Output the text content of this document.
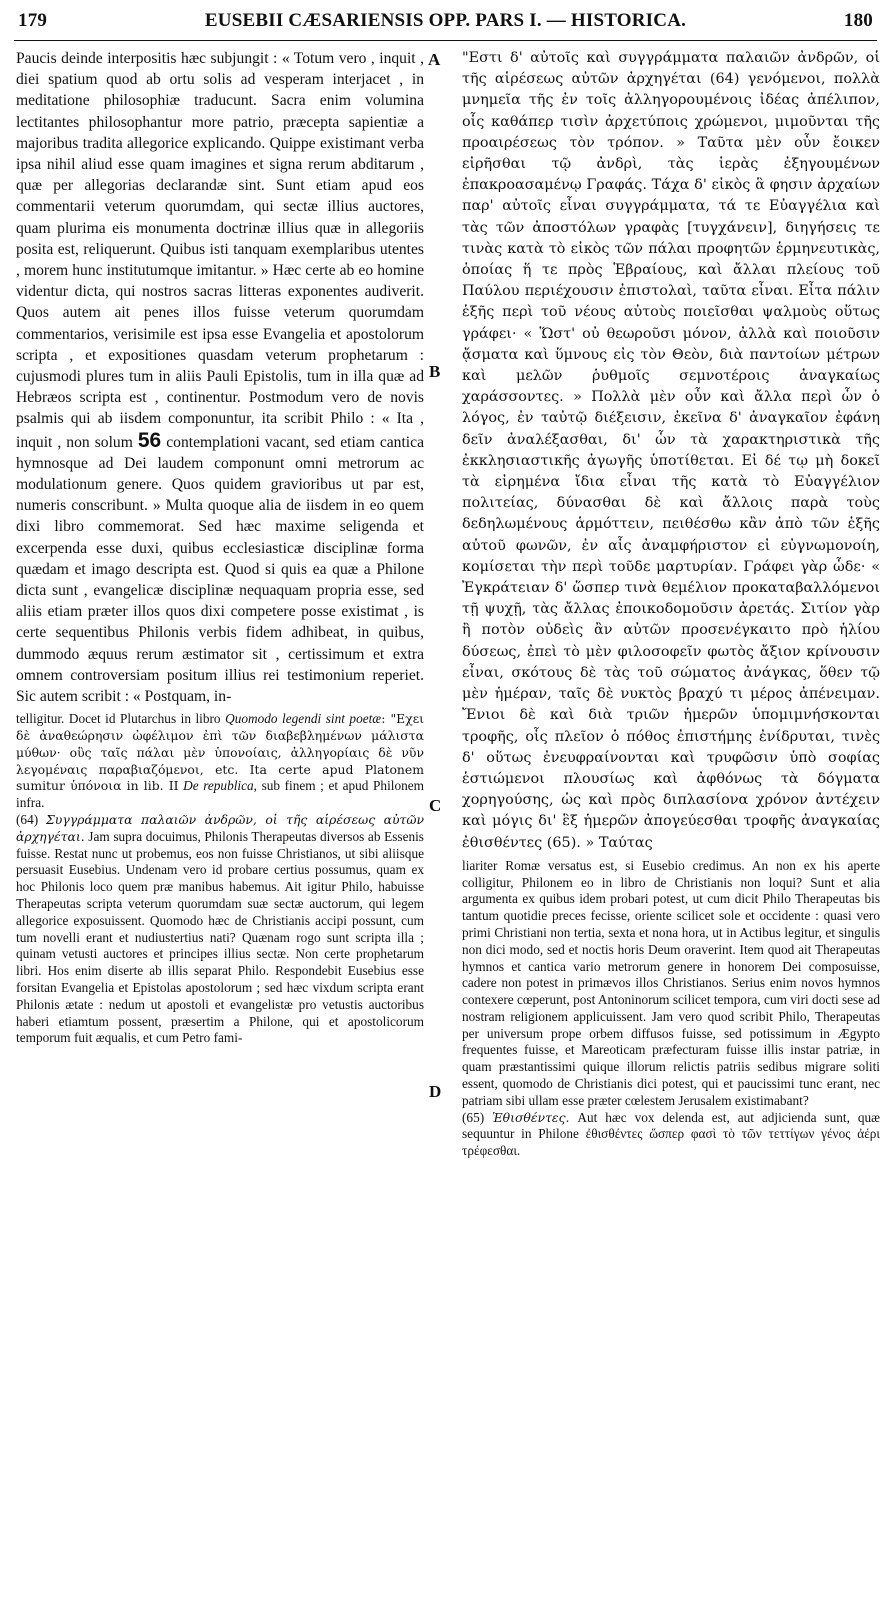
179	EUSEBII CÆSARIENSIS OPP. PARS I. — HISTORICA.	180
A
B
C
D

Paucis deinde interpositis hæc subjungit : « Totum vero , inquit , diei spatium quod ab ortu solis ad vesperam interjacet , in meditatione philosophiæ traducunt. Sacra enim volumina lectitantes philosophantur more patrio, præcepta sapientiæ a majoribus tradita allegorice explicando. Quippe existimant verba ipsa nihil aliud esse quam imagines et signa rerum abditarum , quæ per allegorias declarandæ sint. Sunt etiam apud eos commentarii veterum quorumdam, qui sectæ illius auctores, quam plurima eis monumenta doctrinæ illius quæ in allegoriis posita est, reliquerunt. Quibus isti tanquam exemplaribus utentes , morem hunc institutumque imitantur. » Hæc certe ab eo homine videntur dicta, qui nostros sacras litteras exponentes audiverit. Quos autem ait penes illos fuisse veterum quorumdam commentarios, verisimile est ipsa esse Evangelia et apostolorum scripta , et expositiones quasdam veterum prophetarum : cujusmodi plures tum in aliis Pauli Epistolis, tum in illa quæ ad Hebræos scripta est , continentur. Postmodum vero de novis psalmis qui ab iisdem componuntur, ita scribit Philo : « Ita , inquit , non solum 56 contemplationi vacant, sed etiam cantica hymnosque ad Dei laudem componunt omni metrorum ac modulationum genere. Quos quidem gravioribus ut par est, numeris conscribunt. » Multa quoque alia de iisdem in eo quem dixi libro commemorat. Sed hæc maxime seligenda et excerpenda esse duxi, quibus ecclesiasticæ disciplinæ forma quædam et imago descripta est. Quod si quis ea quæ a Philone dicta sunt , evangelicæ disciplinæ nequaquam propria esse, sed aliis etiam præter illos quos dixi competere posse existimat , is certe sequentibus Philonis verbis fidem adhibeat, in quibus, dummodo æquus rerum æstimator sit , certissimum et extra omnem controversiam positum illius rei testimonium reperiet. Sic autem scribit : « Postquam, in-

telligitur. Docet id Plutarchus in libro Quomodo legendi sint poetæ: "Εχει δὲ ἀναθεώρησιν ὠφέλιμον ἐπὶ τῶν διαβεβλημένων μάλιστα μύθων· οὓς ταῖς πάλαι μὲν ὑπονοίαις, ἀλληγορίαις δὲ νῦν λεγομέναις παραβιαζόμενοι, etc. Ita certe apud Platonem sumitur ὑπόνοια in lib. II De republica, sub finem ; et apud Philonem infra.

(64) Συγγράμματα παλαιῶν ἀνδρῶν, οἱ τῆς αἱρέσεως αὐτῶν ἀρχηγέται. Jam supra docuimus, Philonis Therapeutas diversos ab Essenis fuisse. Restat nunc ut probemus, eos non fuisse Christianos, ut sibi aliisque persuasit Eusebius. Undenam vero id probare certius possumus, quam ex hoc Philonis loco quem præ manibus habemus. Ait igitur Philo, habuisse Therapeutas scripta veterum quorumdam suæ sectæ auctorum, qui legem allegorice exposuissent. Quomodo hæc de Christianis accipi possunt, cum tum novelli erant et nudiustertius nati? Quænam rogo sunt scripta illa ; quinam vetusti auctores et principes illius sectæ. Non certe prophetarum libri. Hos enim diserte ab illis separat Philo. Respondebit Eusebius esse forsitan Evangelia et Epistolas apostolorum ; sed hæc vixdum scripta erant Philonis ætate : nedum ut apostoli et evangelistæ pro vetustis auctoribus haberi etiamtum possent, præsertim a Philone, qui et apostolicorum temporum fuit æqualis, et cum Petro fami-

"Εστι δ' αὐτοῖς καὶ συγγράμματα παλαιῶν ἀνδρῶν, οἱ τῆς αἱρέσεως αὐτῶν ἀρχηγέται (64) γενόμενοι, πολλὰ μνημεῖα τῆς ἐν τοῖς ἀλληγορουμένοις ἰδέας ἀπέλιπον, οἷς καθάπερ τισὶν ἀρχετύποις χρώμενοι, μιμοῦνται τῆς προαιρέσεως τὸν τρόπον. » Ταῦτα μὲν οὖν ἔοικεν εἰρῆσθαι τῷ ἀνδρὶ, τὰς ἱερὰς ἐξηγουμένων ἐπακροασαμένῳ Γραφάς. Τάχα δ' εἰκὸς ἃ φησιν ἀρχαίων παρ' αὐτοῖς εἶναι συγγράμματα, τά τε Εὐαγγέλια καὶ τὰς τῶν ἀποστόλων γραφὰς [τυγχάνειν], διηγήσεις τε τινὰς κατὰ τὸ εἰκὸς τῶν πάλαι προφητῶν ἑρμηνευτικὰς, ὁποίας ἥ τε πρὸς Ἑβραίους, καὶ ἄλλαι πλείους τοῦ Παύλου περιέχουσιν ἐπιστολαὶ, ταῦτα εἶναι. Εἶτα πάλιν ἑξῆς περὶ τοῦ νέους αὐτοὺς ποιεῖσθαι ψαλμοὺς οὕτως γράφει· « Ὥστ' οὐ θεωροῦσι μόνον, ἀλλὰ καὶ ποιοῦσιν ᾄσματα καὶ ὕμνους εἰς τὸν Θεὸν, διὰ παντοίων μέτρων καὶ μελῶν ῥυθμοῖς σεμνοτέροις ἀναγκαίως χαράσσοντες. » Πολλὰ μὲν οὖν καὶ ἄλλα περὶ ὧν ὁ λόγος, ἐν ταὐτῷ διέξεισιν, ἐκεῖνα δ' ἀναγκαῖον ἐφάνη δεῖν ἀναλέξασθαι, δι' ὧν τὰ χαρακτηριστικὰ τῆς ἐκκλησιαστικῆς ἀγωγῆς ὑποτίθεται. Εἰ δέ τῳ μὴ δοκεῖ τὰ εἰρημένα ἴδια εἶναι τῆς κατὰ τὸ Εὐαγγέλιον πολιτείας, δύνασθαι δὲ καὶ ἄλλοις παρὰ τοὺς δεδηλωμένους ἁρμόττειν, πειθέσθω κἂν ἀπὸ τῶν ἑξῆς αὐτοῦ φωνῶν, ἐν αἷς ἀναμφήριστον εἰ εὐγνωμονοίη, κομίσεται τὴν περὶ τοῦδε μαρτυρίαν. Γράφει γὰρ ὧδε· « Ἐγκράτειαν δ' ὥσπερ τινὰ θεμέλιον προκαταβαλλόμενοι τῇ ψυχῇ, τὰς ἄλλας ἐποικοδομοῦσιν ἀρετάς. Σιτίον γὰρ ἢ ποτὸν οὐδεὶς ἂν αὐτῶν προσενέγκαιτο πρὸ ἡλίου δύσεως, ἐπεὶ τὸ μὲν φιλοσοφεῖν φωτὸς ἄξιον κρίνουσιν εἶναι, σκότους δὲ τὰς τοῦ σώματος ἀνάγκας, ὅθεν τῷ μὲν ἡμέραν, ταῖς δὲ νυκτὸς βραχύ τι μέρος ἀπένειμαν. Ἔνιοι δὲ καὶ διὰ τριῶν ἡμερῶν ὑπομιμνήσκονται τροφῆς, οἷς πλεῖον ὁ πόθος ἐπιστήμης ἐνίδρυται, τινὲς δ' οὕτως ἐνευφραίνονται καὶ τρυφῶσιν ὑπὸ σοφίας ἑστιώμενοι πλουσίως καὶ ἀφθόνως τὰ δόγματα χορηγούσης, ὡς καὶ πρὸς διπλασίονα χρόνον ἀντέχειν καὶ μόγις δι' ἓξ ἡμερῶν ἀπογεύεσθαι τροφῆς ἀναγκαίας ἐθισθέντες (65). » Ταύτας

liariter Romæ versatus est, si Eusebio credimus. An non ex his aperte colligitur, Philonem eo in libro de Christianis non loqui? Sunt et alia argumenta ex quibus idem probari potest, ut cum dicit Philo Therapeutas bis tantum quotidie preces fecisse, oriente scilicet sole et occidente : quasi vero primi Christiani non tertia, sexta et nona hora, ut in Actibus legitur, et singulis non dici modo, sed et noctis horis Deum oraverint. Item quod ait Therapeutas hymnos et cantica vario metrorum genere in honorem Dei composuisse, cadere non potest in primævos illos Christianos. Serius enim novos hymnos contexere cœperunt, post Antoninorum scilicet tempora, cum viri docti sese ad nostram religionem applicuissent. Jam vero quod scribit Philo, Therapeutas per universum prope orbem diffusos fuisse, sed potissimum in Ægypto frequentes fuisse, et Mareoticam præfecturam fuisse illis instar patriæ, in quam præstantissimi quique illorum relictis patriis sedibus migrare soliti essent, quomodo de Christianis dici potest, qui et paucissimi tunc erant, nec patriam sibi ullam esse præter cœlestem Jerusalem existimabant?

(65) Ἐθισθέντες. Aut hæc vox delenda est, aut adjicienda sunt, quæ sequuntur in Philone ἐθισθέντες ὥσπερ φασὶ τὸ τῶν τεττίγων γένος ἀέρι τρέφεσθαι.
